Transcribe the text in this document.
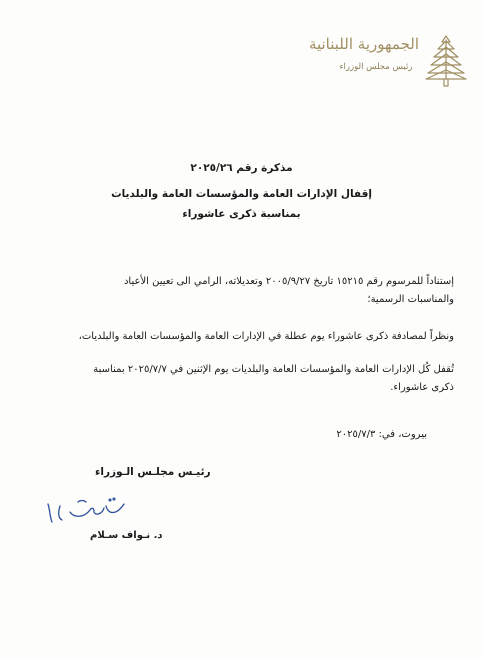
الجمهورية اللبنانية
رئيس مجلس الوزراء
مذكرة رقم ٢٠٢٥/٢٦
إقفال الإدارات العامة والمؤسسات العامة والبلديات
بمناسبة ذكرى عاشوراء
إستناداً للمرسوم رقم ١٥٢١٥ تاريخ ٢٠٠٥/٩/٢٧ وتعديلاته، الرامي الى تعيين الأعياد
والمناسبات الرسمية؛
ونظراً لمصادفة ذكرى عاشوراء يوم عطلة في الإدارات العامة والمؤسسات العامة والبلديات،
تُقفل كُل الإدارات العامة والمؤسسات العامة والبلديات يوم الإثنين في ٢٠٢٥/٧/٧ بمناسبة
ذكرى عاشوراء.
بيروت، في: ٢٠٢٥/٧/٣
رئيـس مجلـس الـوزراء
د. نـواف سـلام
